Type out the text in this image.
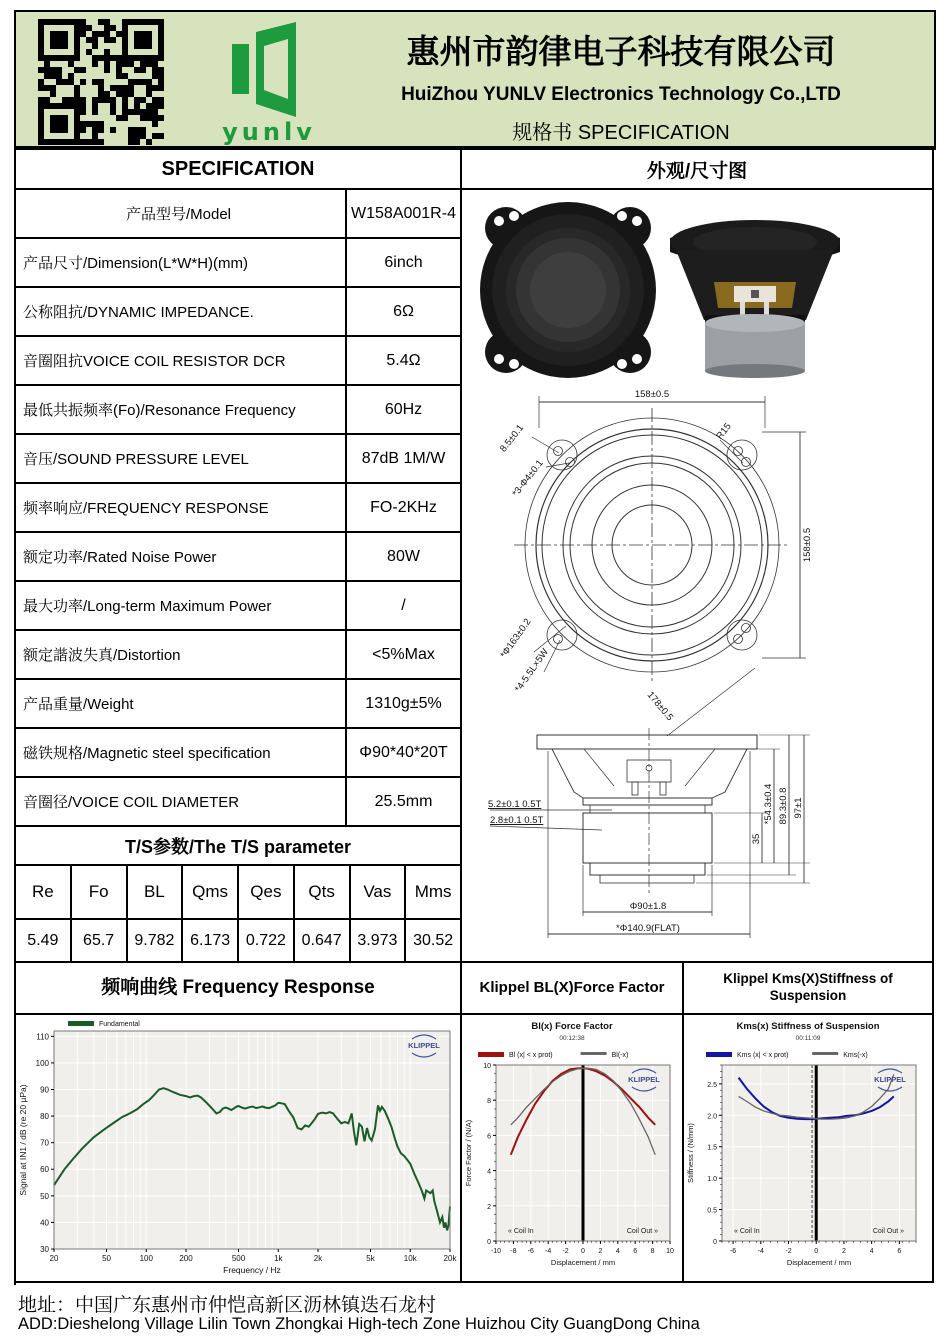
yunlv
惠州市韵律电子科技有限公司
HuiZhou YUNLV Electronics Technology Co.,LTD
规格书 SPECIFICATION
SPECIFICATION	外观/尺寸图
产品型号/Model	W158A001R-4
产品尺寸/Dimension(L*W*H)(mm)	6inch
公称阻抗/DYNAMIC IMPEDANCE.	6Ω
音圈阻抗VOICE COIL RESISTOR DCR	5.4Ω
最低共振频率(Fo)/Resonance Frequency	60Hz
音压/SOUND PRESSURE LEVEL	87dB 1M/W
频率响应/FREQUENCY RESPONSE	FO-2KHz
额定功率/Rated Noise Power	80W
最大功率/Long-term Maximum Power	/
额定諧波失真/Distortion	<5%Max
产品重量/Weight	1310g±5%
磁铁规格/Magnetic steel specification	Φ90*40*20T
音圈径/VOICE COIL DIAMETER	25.5mm
T/S参数/The T/S parameter
Re	Fo	BL	Qms	Qes	Qts	Vas	Mms
5.49	65.7	9.782 6.173 0.722 0.647 3.973 30.52
158±0.5
158±0.5
R15
8.5±0.1
*3-Φ4±0.1
*Φ163±0.2
*4-5.5L×5W
178±0.5
5.2±0.1 0.5T
2.8±0.1 0.5T	*54.3±0.4 89.3±0.8 97±1
35
Φ90±1.8
*Φ140.9(FLAT)
频响曲线 Frequency Response	Klippel BL(X)Force Factor	Klippel Kms(X)Stiffness of Suspension
20	50	100	200	500	1k	2k	5k	10k	20k
30
40
50
60
70
80
90
100
110
Frequency / Hz
Signal at IN1 / dB (re 20 µPa)
Fundamental
KLIPPEL
-10 -8 -6 -4 -2 0 2 4 6 8 10
0
2
4
6
8
10
Displacement / mm
Force Factor / (N/A)
Bl(x) Force Factor
00:12:38
Bl (x| < x prot)	Bl(-x)
« Coil In	Coil Out »
KLIPPEL
-6	-4	-2	0	2	4	6
0
0.5
1.0
1.5
2.0
2.5
Displacement / mm
Stiffness / (N/mm)
Kms(x) Stiffness of Suspension
00:11:09
Kms (x| < x prot)	Kms(-x)
« Coil In	Coil Out »
KLIPPEL
地址：中国广东惠州市仲恺高新区沥林镇迭石龙村
ADD:Dieshelong Village Lilin Town Zhongkai High-tech Zone Huizhou City GuangDong China
